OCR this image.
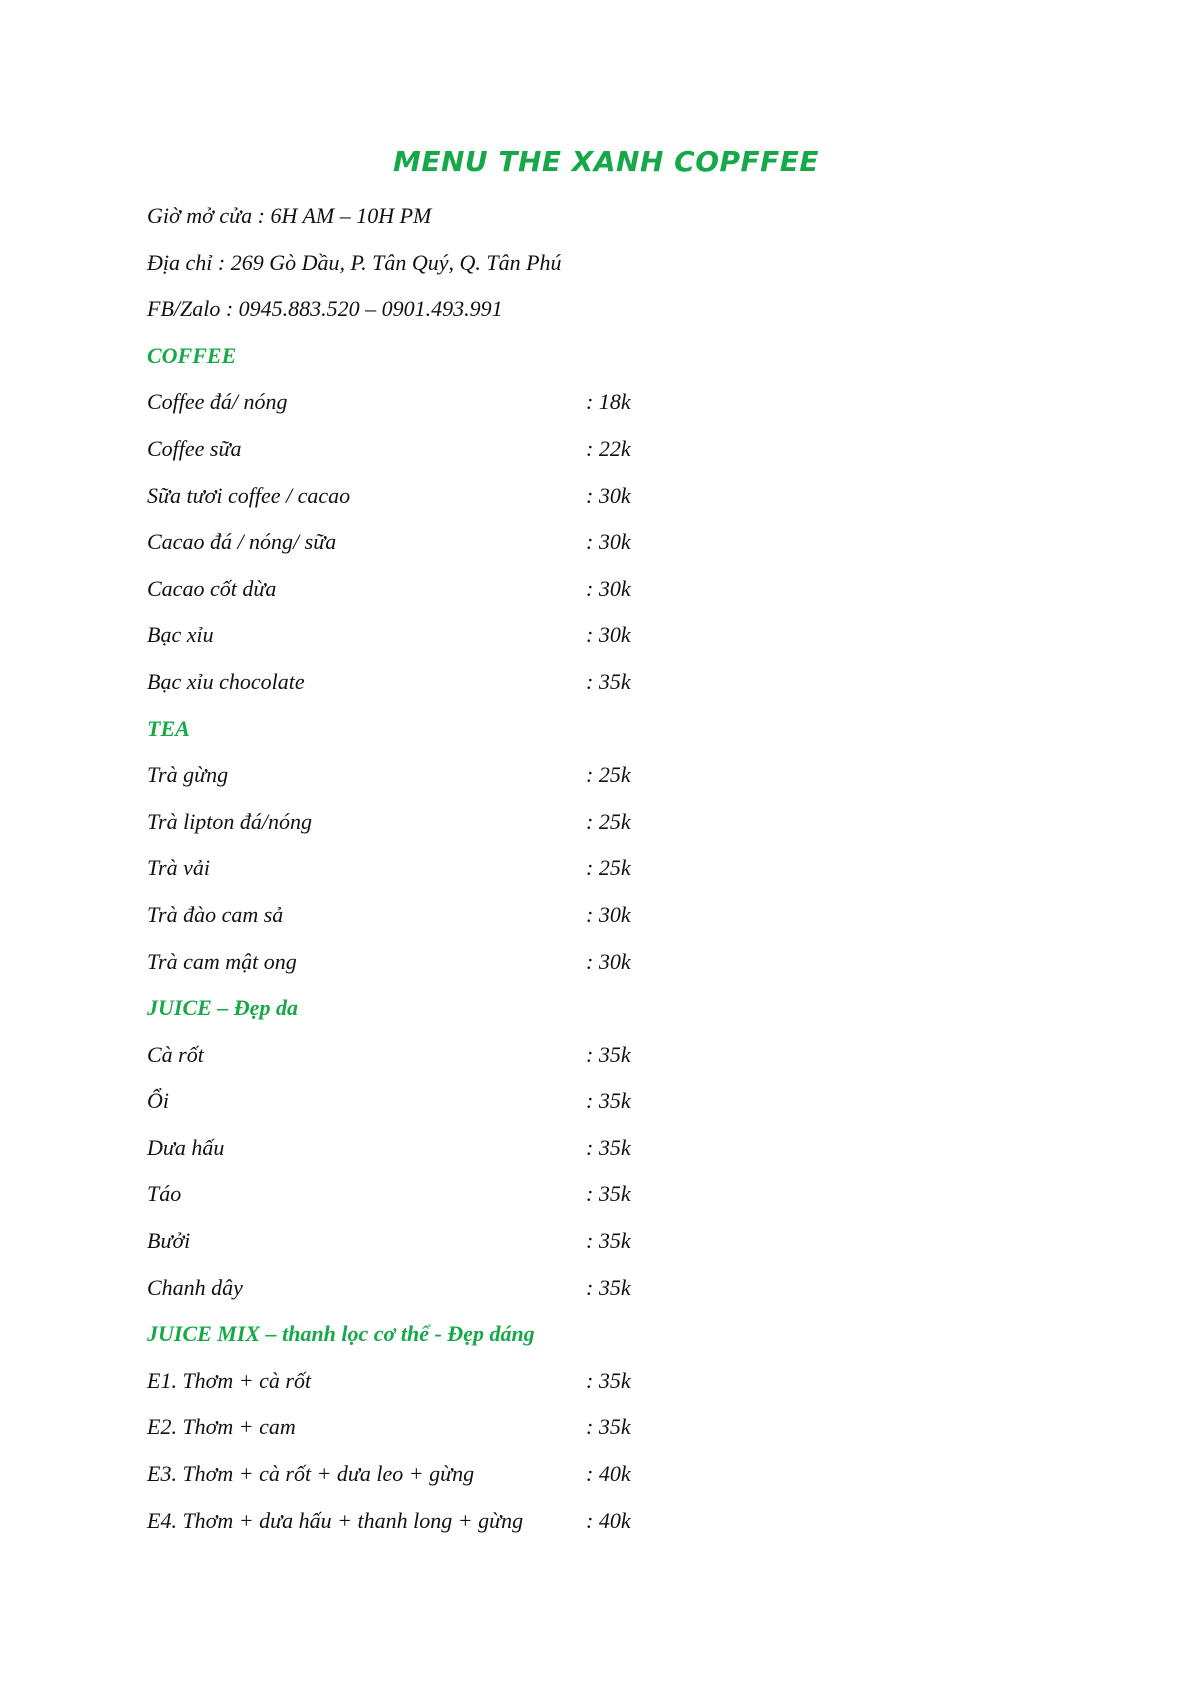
MENU THE XANH COPFFEE
Giờ mở cửa : 6H AM – 10H PM
Địa chỉ : 269 Gò Dầu, P. Tân Quý, Q. Tân Phú
FB/Zalo : 0945.883.520 – 0901.493.991
COFFEE
Coffee đá/ nóng	: 18k
Coffee sữa	: 22k
Sữa tươi coffee / cacao	: 30k
Cacao đá / nóng/ sữa	: 30k
Cacao cốt dừa	: 30k
Bạc xỉu	: 30k
Bạc xỉu chocolate	: 35k
TEA
Trà gừng	: 25k
Trà lipton đá/nóng	: 25k
Trà vải	: 25k
Trà đào cam sả	: 30k
Trà cam mật ong	: 30k
JUICE – Đẹp da
Cà rốt	: 35k
Ổi	: 35k
Dưa hấu	: 35k
Táo	: 35k
Bưởi	: 35k
Chanh dây	: 35k
JUICE MIX – thanh lọc cơ thể - Đẹp dáng
E1. Thơm + cà rốt	: 35k
E2. Thơm + cam	: 35k
E3. Thơm + cà rốt + dưa leo + gừng	: 40k
E4. Thơm + dưa hấu + thanh long + gừng	: 40k
